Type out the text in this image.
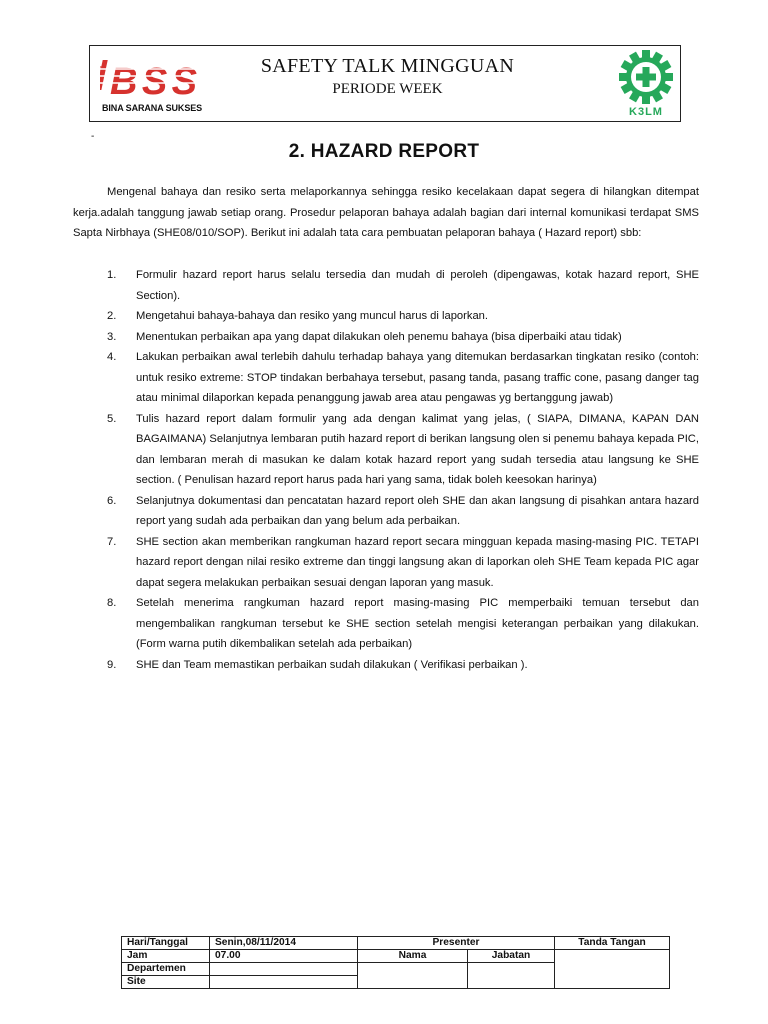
BSS
BINA SARANA SUKSES
SAFETY TALK MINGGUAN
PERIODE WEEK
K3LM
-
2. HAZARD REPORT

Mengenal bahaya dan resiko serta melaporkannya sehingga resiko kecelakaan dapat segera di hilangkan ditempat kerja.adalah tanggung jawab setiap orang. Prosedur pelaporan bahaya adalah bagian dari internal komunikasi terdapat SMS Sapta Nirbhaya (SHE08/010/SOP). Berikut ini adalah tata cara pembuatan pelaporan bahaya ( Hazard report) sbb:

1.	Formulir hazard report harus selalu tersedia dan mudah di peroleh (dipengawas, kotak hazard report, SHE Section).
2.	Mengetahui bahaya-bahaya dan resiko yang muncul harus di laporkan.
3.	Menentukan perbaikan apa yang dapat dilakukan oleh penemu bahaya (bisa diperbaiki atau tidak)
4.	Lakukan perbaikan awal terlebih dahulu terhadap bahaya yang ditemukan berdasarkan tingkatan resiko (contoh: untuk resiko extreme: STOP tindakan berbahaya tersebut, pasang tanda, pasang traffic cone, pasang danger tag atau minimal dilaporkan kepada penanggung jawab area atau pengawas yg bertanggung jawab)
5.	Tulis hazard report dalam formulir yang ada dengan kalimat yang jelas, ( SIAPA, DIMANA, KAPAN DAN BAGAIMANA) Selanjutnya lembaran putih hazard report di berikan langsung olen si penemu bahaya kepada PIC, dan lembaran merah di masukan ke dalam kotak hazard report yang sudah tersedia atau langsung ke SHE section. ( Penulisan hazard report harus pada hari yang sama, tidak boleh keesokan harinya)
6.	Selanjutnya dokumentasi dan pencatatan hazard report oleh SHE dan akan langsung di pisahkan antara hazard report yang sudah ada perbaikan dan yang belum ada perbaikan.
7.	SHE section akan memberikan rangkuman hazard report secara mingguan kepada masing-masing PIC. TETAPI hazard report dengan nilai resiko extreme dan tinggi langsung akan di laporkan oleh SHE Team kepada PIC agar dapat segera melakukan perbaikan sesuai dengan laporan yang masuk.
8.	Setelah menerima rangkuman hazard report masing-masing PIC memperbaiki temuan tersebut dan mengembalikan rangkuman tersebut ke SHE section setelah mengisi keterangan perbaikan yang dilakukan. (Form warna putih dikembalikan setelah ada perbaikan)
9.	SHE dan Team memastikan perbaikan sudah dilakukan ( Verifikasi perbaikan ).
Hari/Tanggal	Senin,08/11/2014	Presenter		Tanda Tangan
Jam	07.00	Nama	Jabatan	
Departemen				
Site				
